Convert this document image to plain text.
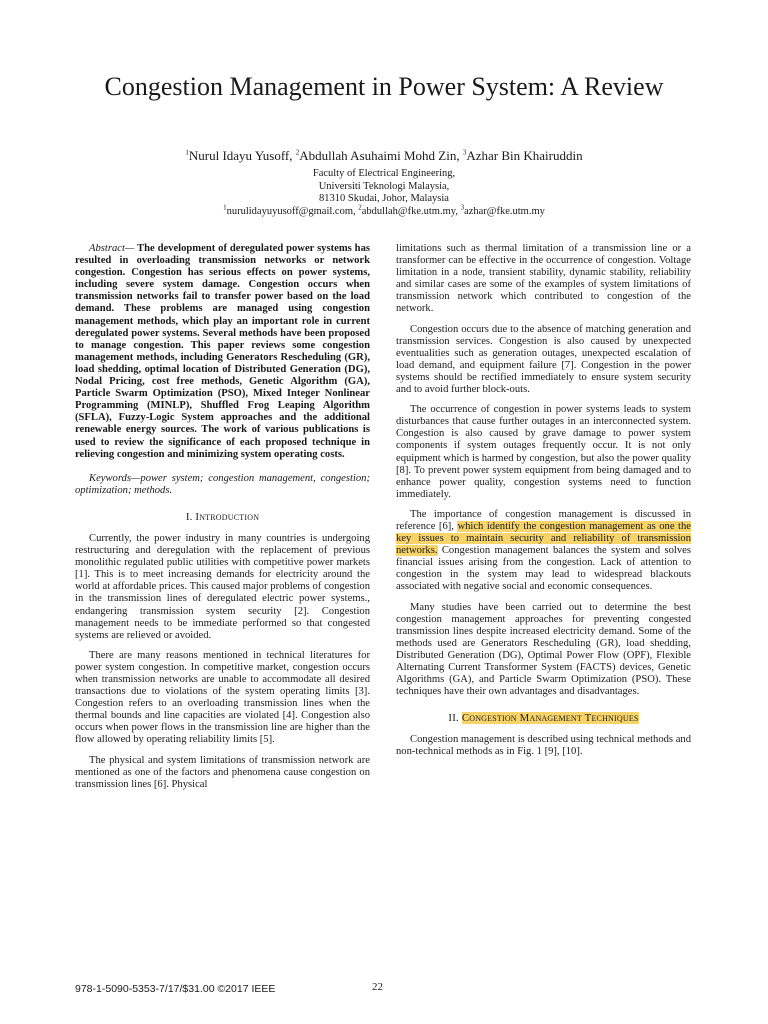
Congestion Management in Power System: A Review
$^1$Nurul Idayu Yusoff, $^2$Abdullah Asuhaimi Mohd Zin, $^3$Azhar Bin Khairuddin
Faculty of Electrical Engineering,
Universiti Teknologi Malaysia,
81310 Skudai, Johor, Malaysia
$^1$nurulidayuyusoff@gmail.com, $^2$abdullah@fke.utm.my, $^3$azhar@fke.utm.my
Abstract— The development of deregulated power systems has resulted in overloading transmission networks or network congestion. Congestion has serious effects on power systems, including severe system damage. Congestion occurs when transmission networks fail to transfer power based on the load demand. These problems are managed using congestion management methods, which play an important role in current deregulated power systems. Several methods have been proposed to manage congestion. This paper reviews some congestion management methods, including Generators Rescheduling (GR), load shedding, optimal location of Distributed Generation (DG), Nodal Pricing, cost free methods, Genetic Algorithm (GA), Particle Swarm Optimization (PSO), Mixed Integer Nonlinear Programming (MINLP), Shuffled Frog Leaping Algorithm (SFLA), Fuzzy-Logic System approaches and the additional renewable energy sources. The work of various publications is used to review the significance of each proposed technique in relieving congestion and minimizing system operating costs.
Keywords—power system; congestion management, congestion; optimization; methods.
I. Introduction

Currently, the power industry in many countries is undergoing restructuring and deregulation with the replacement of previous monolithic regulated public utilities with competitive power markets [1]. This is to meet increasing demands for electricity around the world at affordable prices. This caused major problems of congestion in the transmission lines of deregulated electric power systems., endangering transmission system security [2]. Congestion management needs to be immediate performed so that congested systems are relieved or avoided.

There are many reasons mentioned in technical literatures for power system congestion. In competitive market, congestion occurs when transmission networks are unable to accommodate all desired transactions due to violations of the system operating limits [3]. Congestion refers to an overloading transmission lines when the thermal bounds and line capacities are violated [4]. Congestion also occurs when power flows in the transmission line are higher than the flow allowed by operating reliability limits [5].

The physical and system limitations of transmission network are mentioned as one of the factors and phenomena cause congestion on transmission lines [6]. Physical

limitations such as thermal limitation of a transmission line or a transformer can be effective in the occurrence of congestion. Voltage limitation in a node, transient stability, dynamic stability, reliability and similar cases are some of the examples of system limitations of transmission network which contributed to congestion of the network.

Congestion occurs due to the absence of matching generation and transmission services. Congestion is also caused by unexpected eventualities such as generation outages, unexpected escalation of load demand, and equipment failure [7]. Congestion in the power systems should be rectified immediately to ensure system security and to avoid further block-outs.

The occurrence of congestion in power systems leads to system disturbances that cause further outages in an interconnected system. Congestion is also caused by grave damage to power system components if system outages frequently occur. It is not only equipment which is harmed by congestion, but also the power quality [8]. To prevent power system equipment from being damaged and to enhance power quality, congestion systems need to function immediately.

The importance of congestion management is discussed in reference [6], which identify the congestion management as one the key issues to maintain security and reliability of transmission networks. Congestion management balances the system and solves financial issues arising from the congestion. Lack of attention to congestion in the system may lead to widespread blackouts associated with negative social and economic consequences.

Many studies have been carried out to determine the best congestion management approaches for preventing congested transmission lines despite increased electricity demand. Some of the methods used are Generators Rescheduling (GR), load shedding, Distributed Generation (DG), Optimal Power Flow (OPF), Flexible Alternating Current Transformer System (FACTS) devices, Genetic Algorithms (GA), and Particle Swarm Optimization (PSO). These techniques have their own advantages and disadvantages.

II. Congestion Management Techniques

Congestion management is described using technical methods and non-technical methods as in Fig. 1 [9], [10].

978-1-5090-5353-7/17/$31.00 ©2017 IEEE	22
